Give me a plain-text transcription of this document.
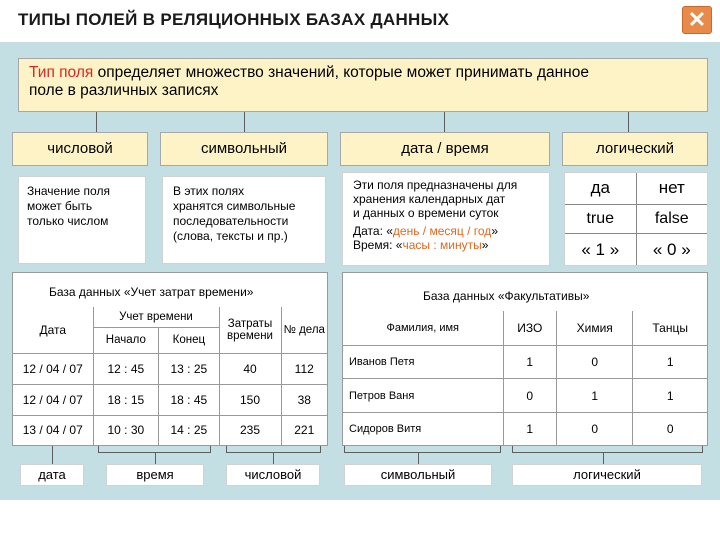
ТИПЫ ПОЛЕЙ В РЕЛЯЦИОННЫХ БАЗАХ ДАННЫХ	✕
Тип поля определяет множество значений, которые может принимать данное
поле в различных записях
числовой	символьный	дата / время	логический
Значение поля
может быть
только числом
В этих полях
хранятся символьные
последовательности
(слова, тексты и пр.)
Эти поля предназначены для
хранения календарных дат
и данных о времени суток
Дата: «день / месяц / год»
Время: «часы : минуты»
да	нет
true	false
« 1 »	« 0 »
База данных «Учет затрат времени»
Дата	Учет времени		Затраты времени	№ дела
	Начало	Конец		
12 / 04 / 07	12 : 45	13 : 25	40	112
12 / 04 / 07	18 : 15	18 : 45	150	38
13 / 04 / 07	10 : 30	14 : 25	235	221
База данных «Факультативы»
Фамилия, имя	ИЗО	Химия	Танцы
Иванов Петя	1	0	1
Петров Ваня	0	1	1
Сидоров Витя	1	0	0
дата	время	числовой	символьный	логический
